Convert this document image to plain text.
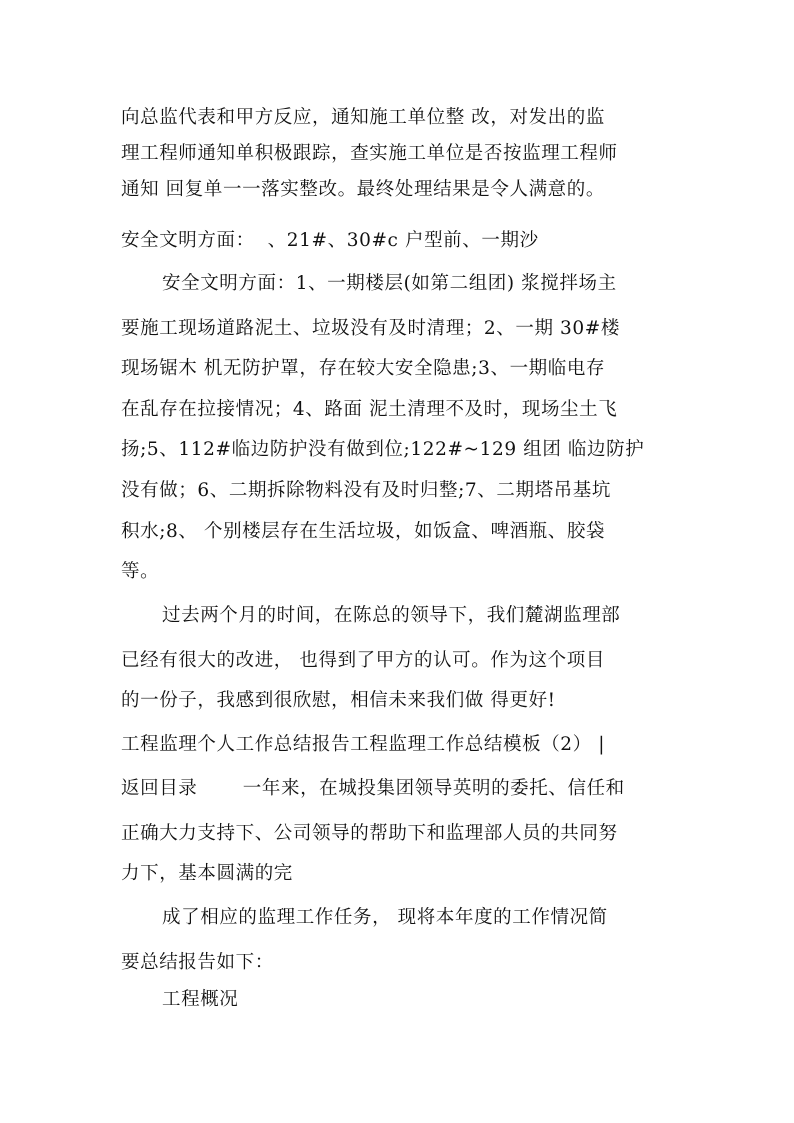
向总监代表和甲方反应，通知施工单位整 改，对发出的监
理工程师通知单积极跟踪，查实施工单位是否按监理工程师
通知 回复单一一落实整改。最终处理结果是令人满意的。
安全文明方面：  、21#、30#c 户型前、一期沙
安全文明方面：1、一期楼层(如第二组团) 浆搅拌场主
要施工现场道路泥土、垃圾没有及时清理；2、一期 30#楼
现场锯木 机无防护罩，存在较大安全隐患;3、一期临电存
在乱存在拉接情况；4、路面 泥土清理不及时，现场尘土飞
扬;5、112#临边防护没有做到位;122#~129 组团 临边防护
没有做；6、二期拆除物料没有及时归整;7、二期塔吊基坑
积水;8、 个别楼层存在生活垃圾，如饭盒、啤酒瓶、胶袋
等。
过去两个月的时间，在陈总的领导下，我们麓湖监理部
已经有很大的改进， 也得到了甲方的认可。作为这个项目
的一份子，我感到很欣慰，相信未来我们做 得更好!
工程监理个人工作总结报告工程监理工作总结模板（2） |
返回目录       一年来，在城投集团领导英明的委托、信任和
正确大力支持下、公司领导的帮助下和监理部人员的共同努
力下，基本圆满的完
成了相应的监理工作任务， 现将本年度的工作情况简
要总结报告如下：
工程概况
